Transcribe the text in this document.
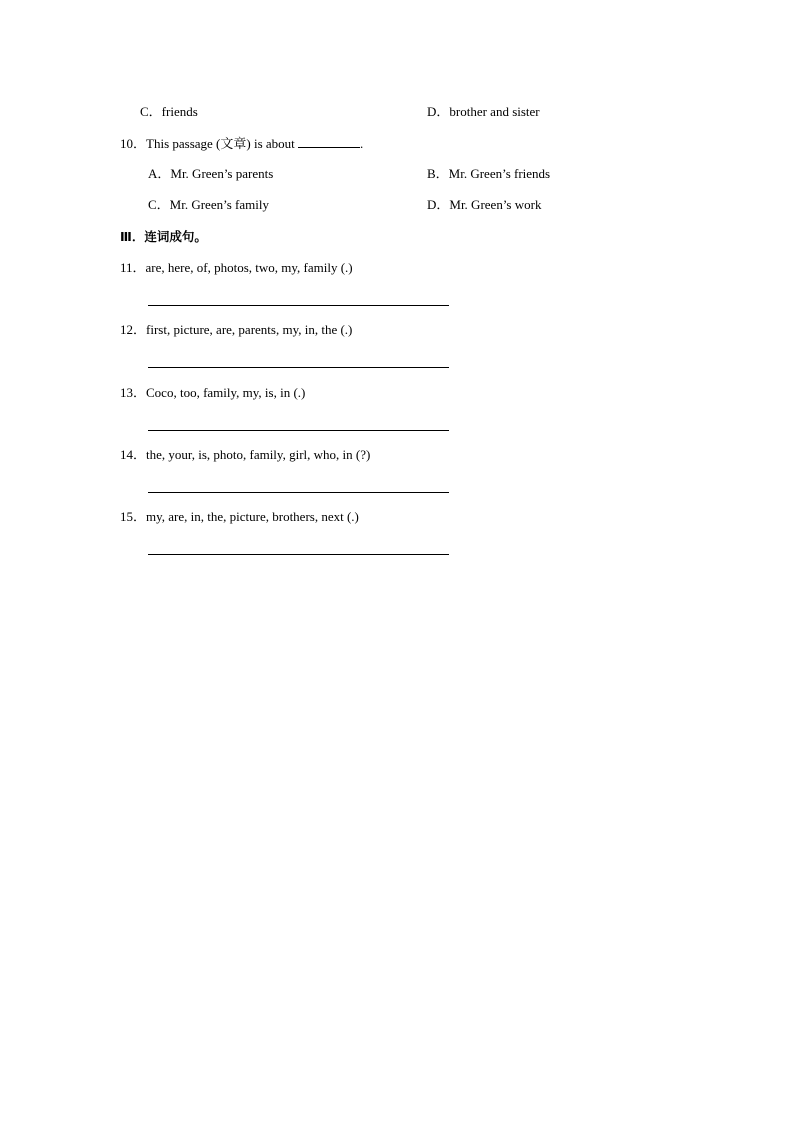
C．friends	D．brother and sister
10．This passage (文章) is about	.
A．Mr. Green’s parents	B．Mr. Green’s friends
C．Mr. Green’s family	D．Mr. Green’s work
Ⅲ．连词成句。
11．are, here, of, photos, two, my, family (.)
12．first, picture, are, parents, my, in, the (.)
13．Coco, too, family, my, is, in (.)
14．the, your, is, photo, family, girl, who, in (?)
15．my, are, in, the, picture, brothers, next (.)
